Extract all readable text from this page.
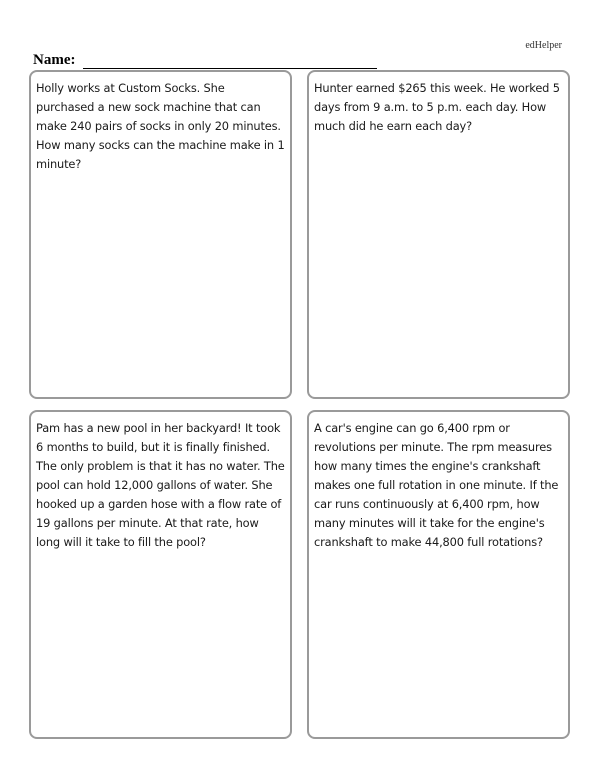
edHelper
Name:

Holly works at Custom Socks. She purchased a new sock machine that can make 240 pairs of socks in only 20 minutes. How many socks can the machine make in 1 minute?

Hunter earned $265 this week. He worked 5 days from 9 a.m. to 5 p.m. each day. How much did he earn each day?

Pam has a new pool in her backyard! It took 6 months to build, but it is finally finished. The only problem is that it has no water. The pool can hold 12,000 gallons of water. She hooked up a garden hose with a flow rate of 19 gallons per minute. At that rate, how long will it take to fill the pool?

A car's engine can go 6,400 rpm or revolutions per minute. The rpm measures how many times the engine's crankshaft makes one full rotation in one minute. If the car runs continuously at 6,400 rpm, how many minutes will it take for the engine's crankshaft to make 44,800 full rotations?
